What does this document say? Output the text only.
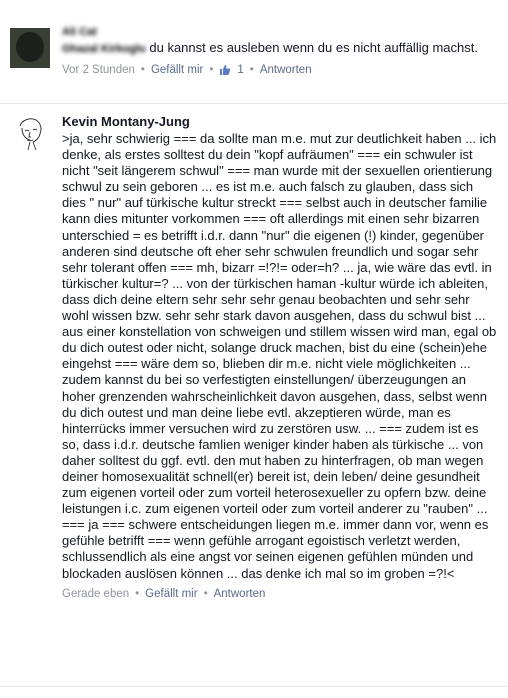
Ali Cat
Ghazal Kirkoglu du kannst es ausleben wenn du es nicht auffällig machst.
Vor 2 Stunden • Gefällt mir • 1 • Antworten
Kevin Montany-Jung
>ja, sehr schwierig === da sollte man m.e. mut zur deutlichkeit haben ... ich denke, als erstes solltest du dein "kopf aufräumen" === ein schwuler ist nicht "seit längerem schwul" === man wurde mit der sexuellen orientierung schwul zu sein geboren ... es ist m.e. auch falsch zu glauben, dass sich dies " nur" auf türkische kultur streckt === selbst auch in deutscher familie kann dies mitunter vorkommen === oft allerdings mit einen sehr bizarren unterschied = es betrifft i.d.r. dann "nur" die eigenen (!) kinder, gegenüber anderen sind deutsche oft eher sehr schwulen freundlich und sogar sehr sehr tolerant offen === mh, bizarr =!?!= oder=h? ... ja, wie wäre das evtl. in türkischer kultur=? ... von der türkischen haman -kultur würde ich ableiten, dass dich deine eltern sehr sehr sehr genau beobachten und sehr sehr wohl wissen bzw. sehr sehr stark davon ausgehen, dass du schwul bist ... aus einer konstellation von schweigen und stillem wissen wird man, egal ob du dich outest oder nicht, solange druck machen, bist du eine (schein)ehe eingehst === wäre dem so, blieben dir m.e. nicht viele möglichkeiten ... zudem kannst du bei so verfestigten einstellungen/ überzeugungen an hoher grenzenden wahrscheinlichkeit davon ausgehen, dass, selbst wenn du dich outest und man deine liebe evtl. akzeptieren würde, man es hinterrücks immer versuchen wird zu zerstören usw. ... === zudem ist es so, dass i.d.r. deutsche famlien weniger kinder haben als türkische ... von daher solltest du ggf. evtl. den mut haben zu hinterfragen, ob man wegen deiner homosexualität schnell(er) bereit ist, dein leben/ deine gesundheit zum eigenen vorteil oder zum vorteil heterosexueller zu opfern bzw. deine leistungen i.c. zum eigenen vorteil oder zum vorteil anderer zu "rauben" ... === ja === schwere entscheidungen liegen m.e. immer dann vor, wenn es gefühle betrifft === wenn gefühle arrogant egoistisch verletzt werden, schlussendlich als eine angst vor seinen eigenen gefühlen münden und blockaden auslösen können ... das denke ich mal so im groben =?!<
Gerade eben • Gefällt mir • Antworten
